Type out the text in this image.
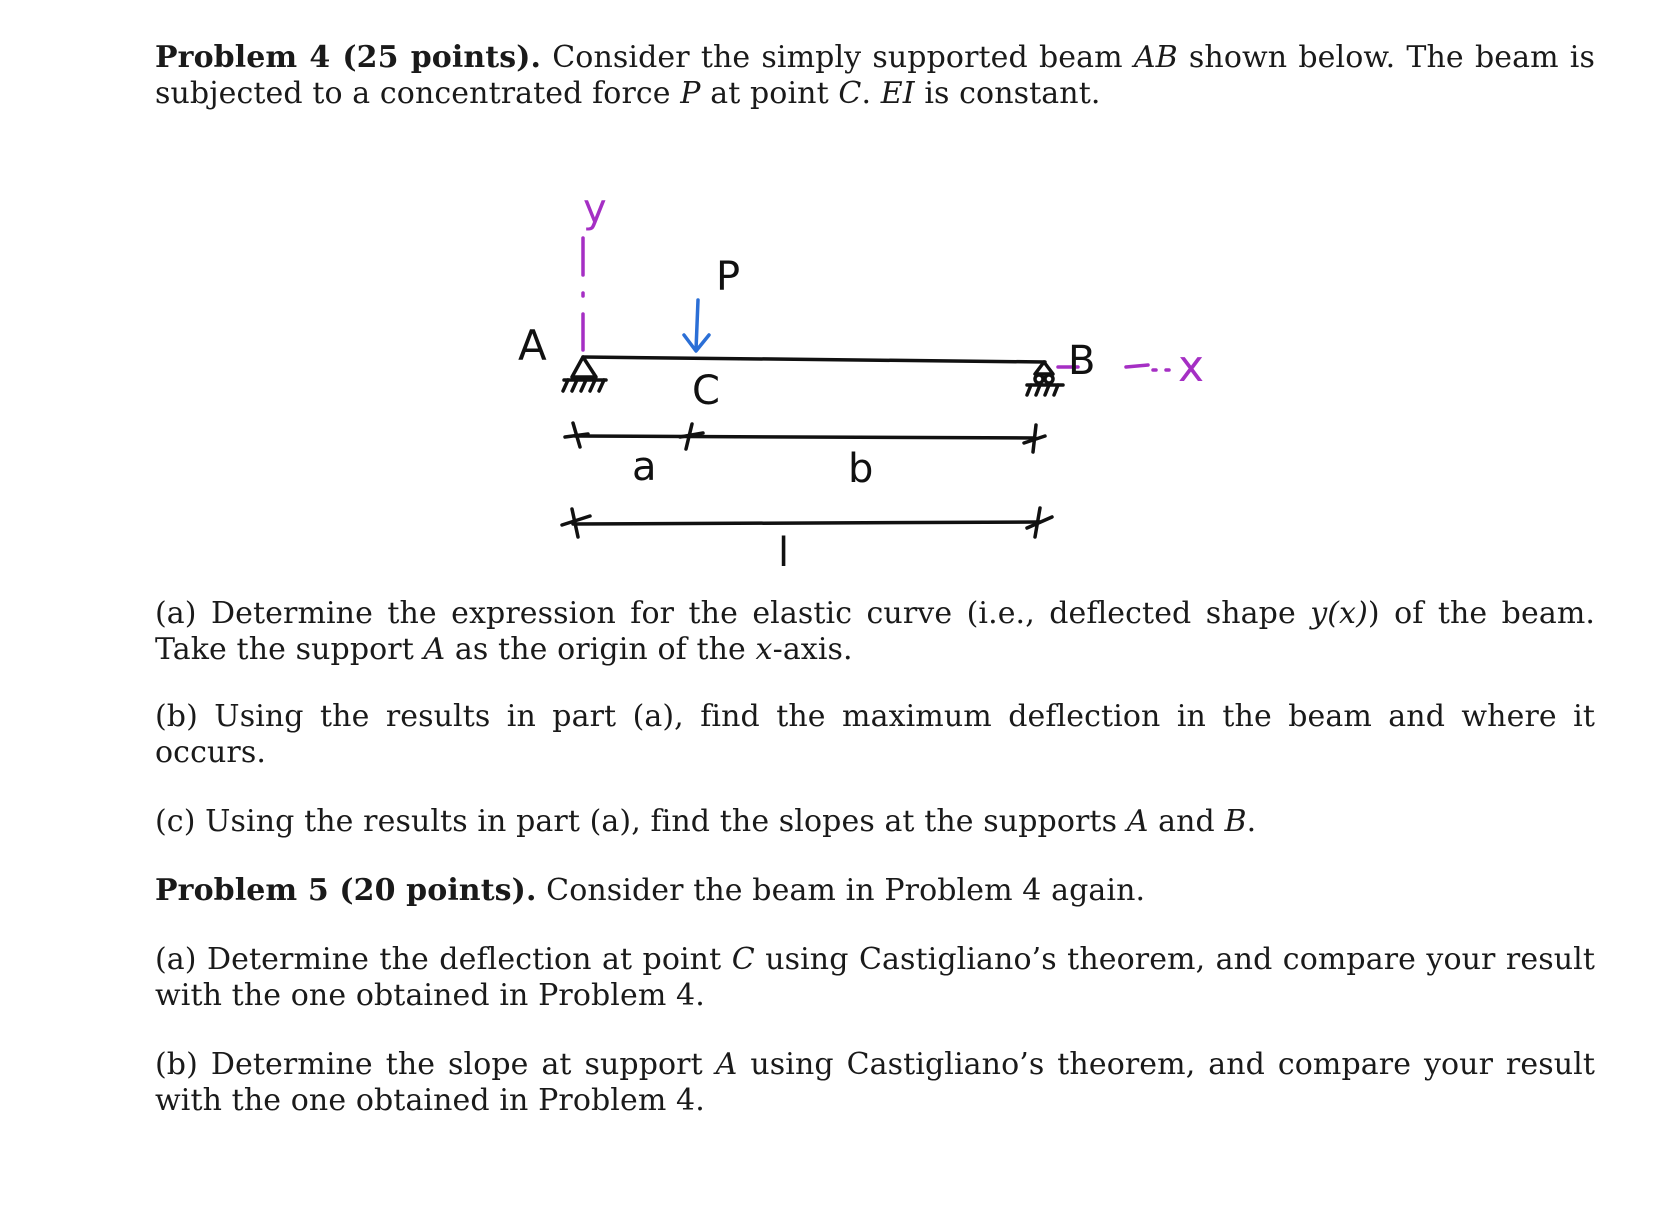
Problem 4 (25 points). Consider the simply supported beam AB shown below. The beam is subjected to a concentrated force P at point C. EI is constant.

(a) Determine the expression for the elastic curve (i.e., deflected shape y(x)) of the beam. Take the support A as the origin of the x-axis.

(b) Using the results in part (a), find the maximum deflection in the beam and where it occurs.

(c) Using the results in part (a), find the slopes at the supports A and B.

Problem 5 (20 points). Consider the beam in Problem 4 again.

(a) Determine the deflection at point C using Castigliano’s theorem, and compare your result with the one obtained in Problem 4.

(b) Determine the slope at support A using Castigliano’s theorem, and compare your result with the one obtained in Problem 4.

y
P
A	B
C	x
a	b
l
